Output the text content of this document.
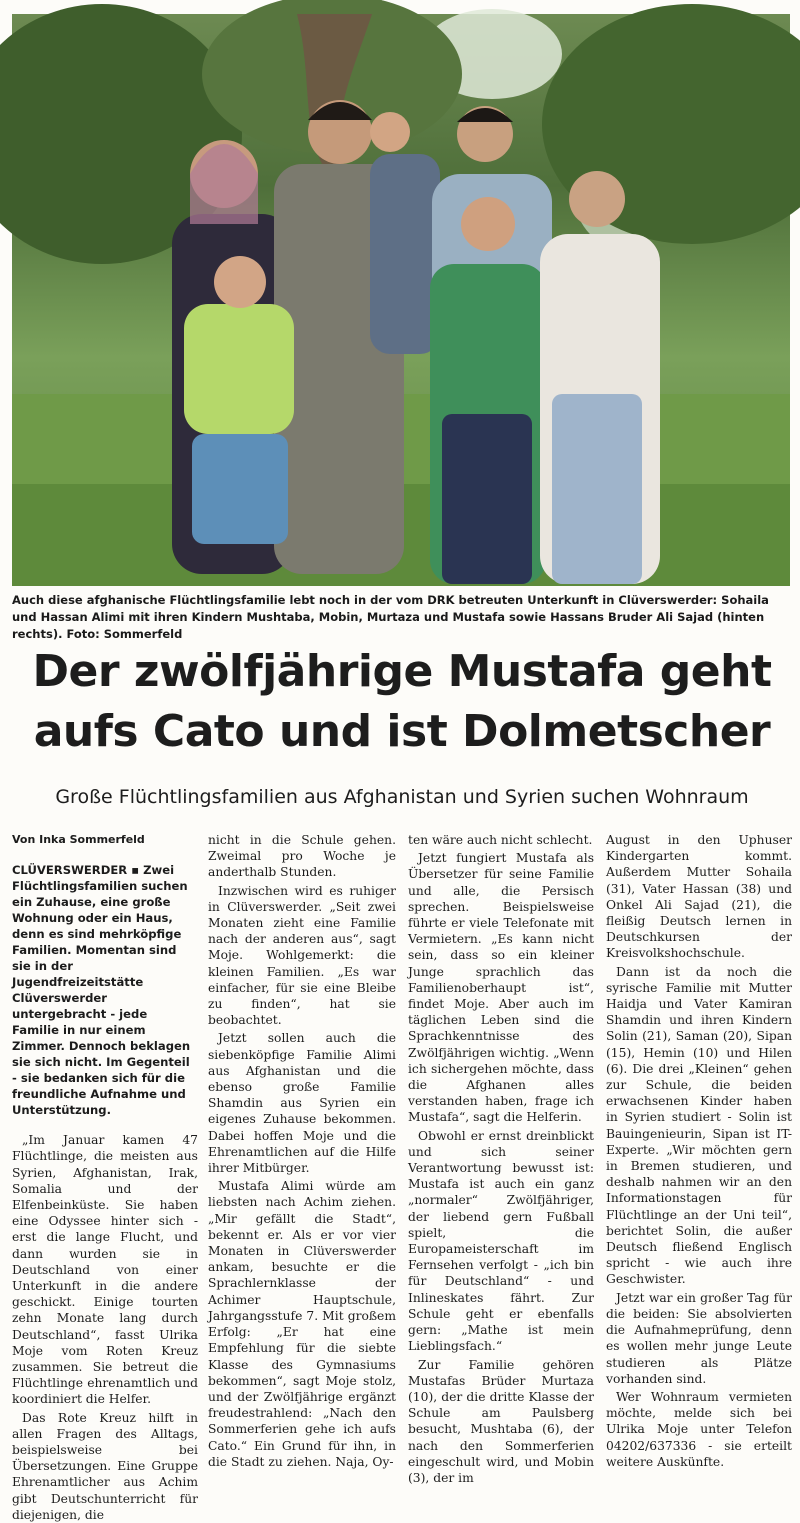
Auch diese afghanische Flüchtlingsfamilie lebt noch in der vom DRK betreuten Unterkunft in Clüverswerder: Sohaila und Hassan Alimi mit ihren Kindern Mushtaba, Mobin, Murtaza und Mustafa sowie Hassans Bruder Ali Sajad (hinten rechts). Foto: Sommerfeld
Der zwölfjährige Mustafa geht aufs Cato und ist Dolmetscher
Große Flüchtlingsfamilien aus Afghanistan und Syrien suchen Wohnraum
Von Inka Sommerfeld
CLÜVERSWERDER ▪ Zwei Flüchtlingsfamilien suchen ein Zuhause, eine große Wohnung oder ein Haus, denn es sind mehrköpfige Familien. Momentan sind sie in der Jugendfreizeitstätte Clüverswerder untergebracht - jede Familie in nur einem Zimmer. Dennoch beklagen sie sich nicht. Im Gegenteil - sie bedanken sich für die freundliche Aufnahme und Unterstützung.

„Im Januar kamen 47 Flüchtlinge, die meisten aus Syrien, Afghanistan, Irak, Somalia und der Elfenbeinküste. Sie haben eine Odyssee hinter sich - erst die lange Flucht, und dann wurden sie in Deutschland von einer Unterkunft in die andere geschickt. Einige tourten zehn Monate lang durch Deutschland“, fasst Ulrika Moje vom Roten Kreuz zusammen. Sie betreut die Flüchtlinge ehrenamtlich und koordiniert die Helfer.

Das Rote Kreuz hilft in allen Fragen des Alltags, beispielsweise bei Übersetzungen. Eine Gruppe Ehrenamtlicher aus Achim gibt Deutschunterricht für diejenigen, die

nicht in die Schule gehen. Zweimal pro Woche je anderthalb Stunden.

Inzwischen wird es ruhiger in Clüverswerder. „Seit zwei Monaten zieht eine Familie nach der anderen aus“, sagt Moje. Wohlgemerkt: die kleinen Familien. „Es war einfacher, für sie eine Bleibe zu finden“, hat sie beobachtet.

Jetzt sollen auch die siebenköpfige Familie Alimi aus Afghanistan und die ebenso große Familie Shamdin aus Syrien ein eigenes Zuhause bekommen. Dabei hoffen Moje und die Ehrenamtlichen auf die Hilfe ihrer Mitbürger.

Mustafa Alimi würde am liebsten nach Achim ziehen. „Mir gefällt die Stadt“, bekennt er. Als er vor vier Monaten in Clüverswerder ankam, besuchte er die Sprachlernklasse der Achimer Hauptschule, Jahrgangsstufe 7. Mit großem Erfolg: „Er hat eine Empfehlung für die siebte Klasse des Gymnasiums bekommen“, sagt Moje stolz, und der Zwölfjährige ergänzt freudestrahlend: „Nach den Sommerferien gehe ich aufs Cato.“ Ein Grund für ihn, in die Stadt zu ziehen. Naja, Oy-

ten wäre auch nicht schlecht.

Jetzt fungiert Mustafa als Übersetzer für seine Familie und alle, die Persisch sprechen. Beispielsweise führte er viele Telefonate mit Vermietern. „Es kann nicht sein, dass so ein kleiner Junge sprachlich das Familienoberhaupt ist“, findet Moje. Aber auch im täglichen Leben sind die Sprachkenntnisse des Zwölfjährigen wichtig. „Wenn ich sichergehen möchte, dass die Afghanen alles verstanden haben, frage ich Mustafa“, sagt die Helferin.

Obwohl er ernst dreinblickt und sich seiner Verantwortung bewusst ist: Mustafa ist auch ein ganz „normaler“ Zwölfjähriger, der liebend gern Fußball spielt, die Europameisterschaft im Fernsehen verfolgt - „ich bin für Deutschland“ - und Inlineskates fährt. Zur Schule geht er ebenfalls gern: „Mathe ist mein Lieblingsfach.“

Zur Familie gehören Mustafas Brüder Murtaza (10), der die dritte Klasse der Schule am Paulsberg besucht, Mushtaba (6), der nach den Sommerferien eingeschult wird, und Mobin (3), der im

August in den Uphuser Kindergarten kommt. Außerdem Mutter Sohaila (31), Vater Hassan (38) und Onkel Ali Sajad (21), die fleißig Deutsch lernen in Deutschkursen der Kreisvolkshochschule.

Dann ist da noch die syrische Familie mit Mutter Haidja und Vater Kamiran Shamdin und ihren Kindern Solin (21), Saman (20), Sipan (15), Hemin (10) und Hilen (6). Die drei „Kleinen“ gehen zur Schule, die beiden erwachsenen Kinder haben in Syrien studiert - Solin ist Bauingenieurin, Sipan ist IT-Experte. „Wir möchten gern in Bremen studieren, und deshalb nahmen wir an den Informationstagen für Flüchtlinge an der Uni teil“, berichtet Solin, die außer Deutsch fließend Englisch spricht - wie auch ihre Geschwister.

Jetzt war ein großer Tag für die beiden: Sie absolvierten die Aufnahmeprüfung, denn es wollen mehr junge Leute studieren als Plätze vorhanden sind.

Wer Wohnraum vermieten möchte, melde sich bei Ulrika Moje unter Telefon 04202/637336 - sie erteilt weitere Auskünfte.
